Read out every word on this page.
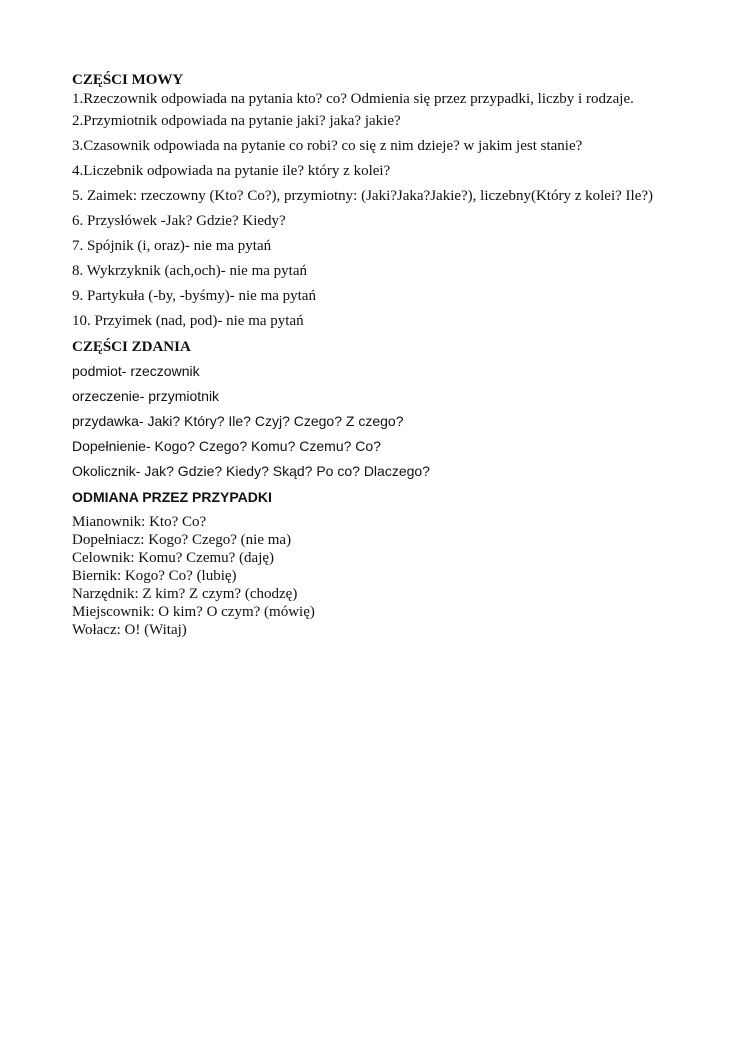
CZĘŚCI MOWY

1.Rzeczownik odpowiada na pytania kto? co? Odmienia się przez przypadki, liczby i rodzaje.

2.Przymiotnik odpowiada na pytanie jaki? jaka? jakie?

3.Czasownik odpowiada na pytanie co robi? co się z nim dzieje? w jakim jest stanie?

4.Liczebnik odpowiada na pytanie ile? który z kolei?

5. Zaimek: rzeczowny (Kto? Co?), przymiotny: (Jaki?Jaka?Jakie?), liczebny(Który z kolei? Ile?)

6. Przysłówek -Jak? Gdzie? Kiedy?

7. Spójnik (i, oraz)- nie ma pytań

8. Wykrzyknik (ach,och)- nie ma pytań

9. Partykuła (-by, -byśmy)- nie ma pytań

10. Przyimek (nad, pod)- nie ma pytań

CZĘŚCI ZDANIA

podmiot- rzeczownik

orzeczenie- przymiotnik

przydawka- Jaki? Który? Ile? Czyj? Czego? Z czego?

Dopełnienie- Kogo? Czego? Komu? Czemu? Co?

Okolicznik- Jak? Gdzie? Kiedy? Skąd? Po co? Dlaczego?

ODMIANA PRZEZ PRZYPADKI

Mianownik: Kto? Co?

Dopełniacz: Kogo? Czego? (nie ma)

Celownik: Komu? Czemu? (daję)

Biernik: Kogo? Co? (lubię)

Narzędnik: Z kim? Z czym? (chodzę)

Miejscownik: O kim? O czym? (mówię)

Wołacz: O! (Witaj)
